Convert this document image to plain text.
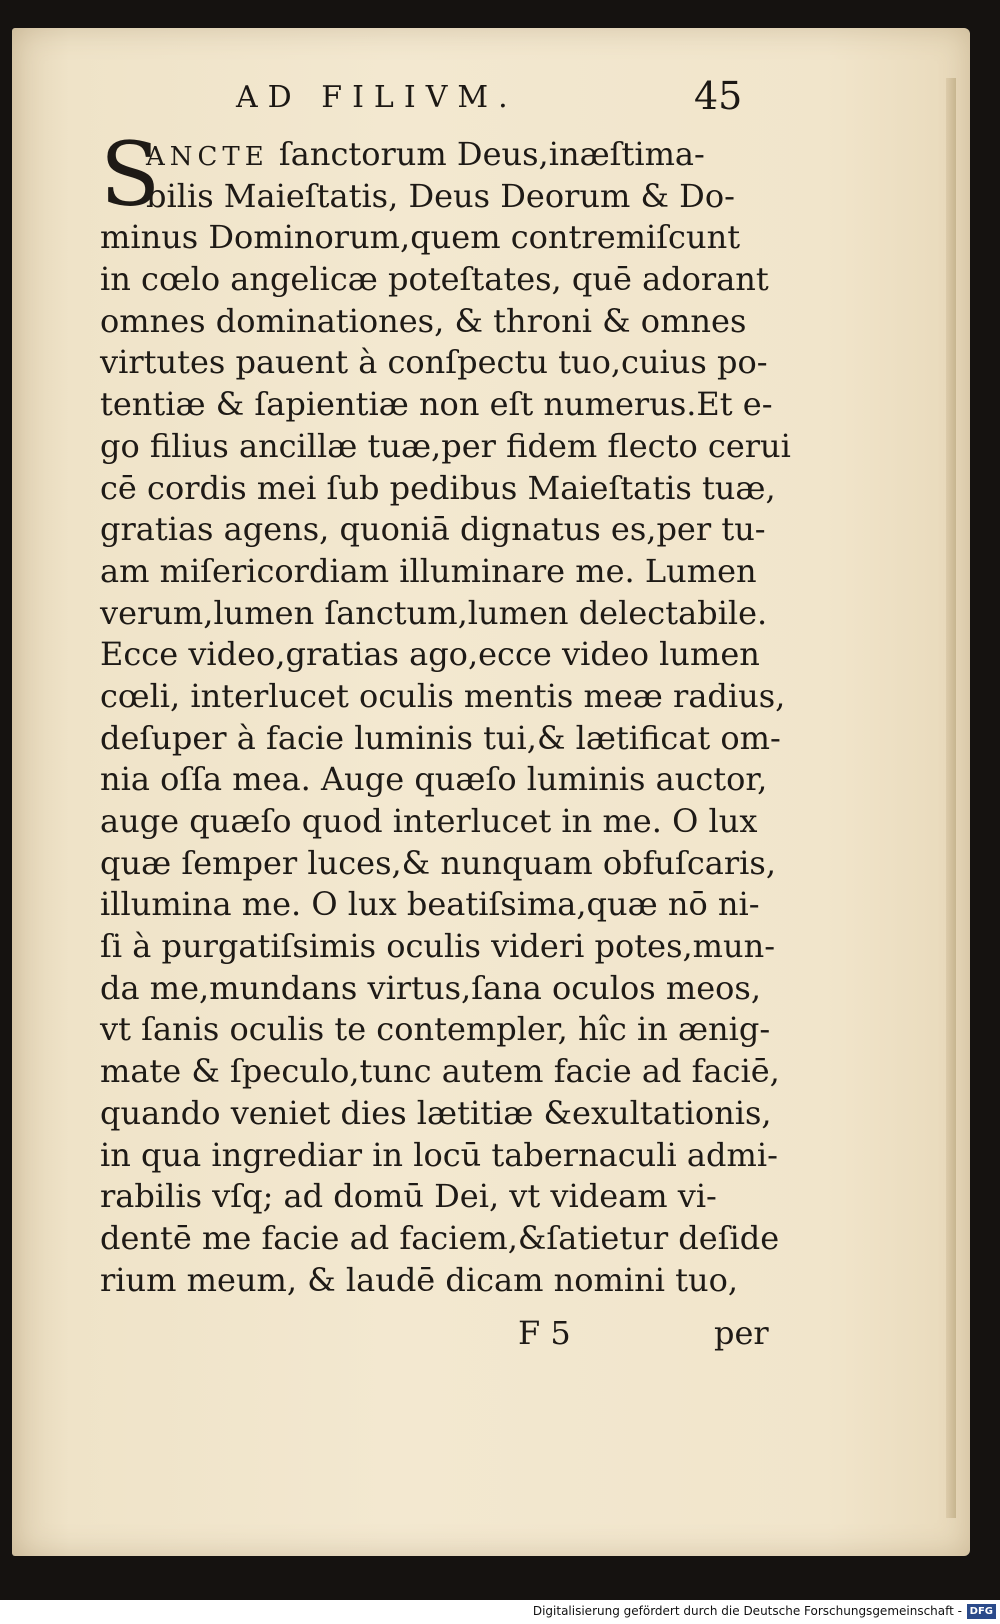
AD FILIVM.	45
S
ANCTE ſanctorum Deus,inæſtima-
bilis Maieſtatis, Deus Deorum & Do-
minus Dominorum,quem contremiſcunt
in cœlo angelicæ poteſtates, quē adorant
omnes dominationes, & throni & omnes
virtutes pauent à conſpectu tuo,cuius po-
tentiæ & ſapientiæ non eſt numerus.Et e-
go filius ancillæ tuæ,per fidem flecto cerui
cē cordis mei ſub pedibus Maieſtatis tuæ,
gratias agens, quoniā dignatus es,per tu-
am miſericordiam illuminare me. Lumen
verum,lumen ſanctum,lumen delectabile.
Ecce video,gratias ago,ecce video lumen
cœli, interlucet oculis mentis meæ radius,
deſuper à facie luminis tui,& lætificat om-
nia oſſa mea. Auge quæſo luminis auctor,
auge quæſo quod interlucet in me. O lux
quæ ſemper luces,& nunquam obfuſcaris,
illumina me. O lux beatiſsima,quæ nō ni-
ſi à purgatiſsimis oculis videri potes,mun-
da me,mundans virtus,ſana oculos meos,
vt ſanis oculis te contempler, hîc in ænig-
mate & ſpeculo,tunc autem facie ad faciē,
quando veniet dies lætitiæ &exultationis,
in qua ingrediar in locū tabernaculi admi-
rabilis vſq; ad domū Dei, vt videam vi-
dentē me facie ad faciem,&ſatietur deſide
rium meum, & laudē dicam nomini tuo,
F 5	per
Digitalisierung gefördert durch die Deutsche Forschungsgemeinschaft - DFG
